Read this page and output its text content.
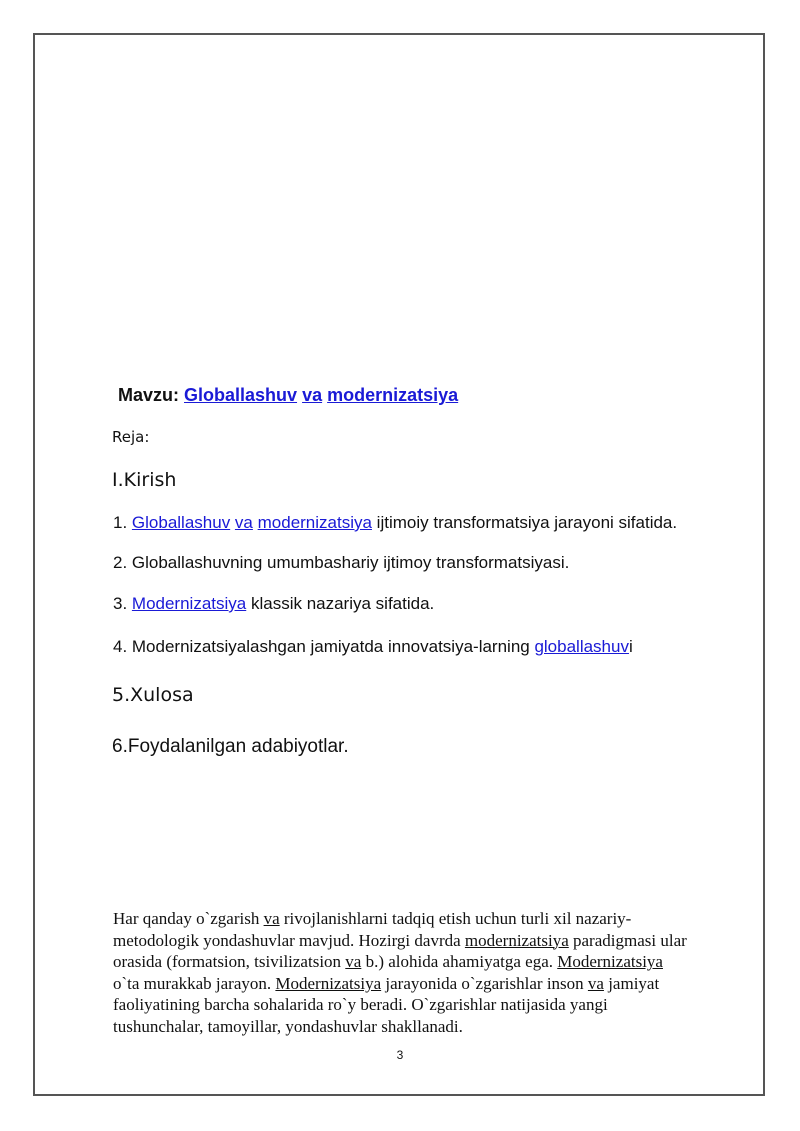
Mavzu: Globallashuv va modernizatsiya
Reja:
I.Kirish
1. Globallashuv va modernizatsiya ijtimoiy transformatsiya jarayoni sifatida.
2. Globallashuvning umumbashariy ijtimoy transformatsiyasi.
3. Modernizatsiya klassik nazariya sifatida.
4. Modernizatsiyalashgan jamiyatda innovatsiya-larning globallashuvi
5.Xulosa
6.Foydalanilgan adabiyotlar.
Har qanday o`zgarish va rivojlanishlarni tadqiq etish uchun turli xil nazariy-
metodologik yondashuvlar mavjud. Hozirgi davrda modernizatsiya paradigmasi ular
orasida (formatsion, tsivilizatsion va b.) alohida ahamiyatga ega. Modernizatsiya
o`ta murakkab jarayon. Modernizatsiya jarayonida o`zgarishlar inson va jamiyat
faoliyatining barcha sohalarida ro`y beradi. O`zgarishlar natijasida yangi
tushunchalar, tamoyillar, yondashuvlar shakllanadi.
3
